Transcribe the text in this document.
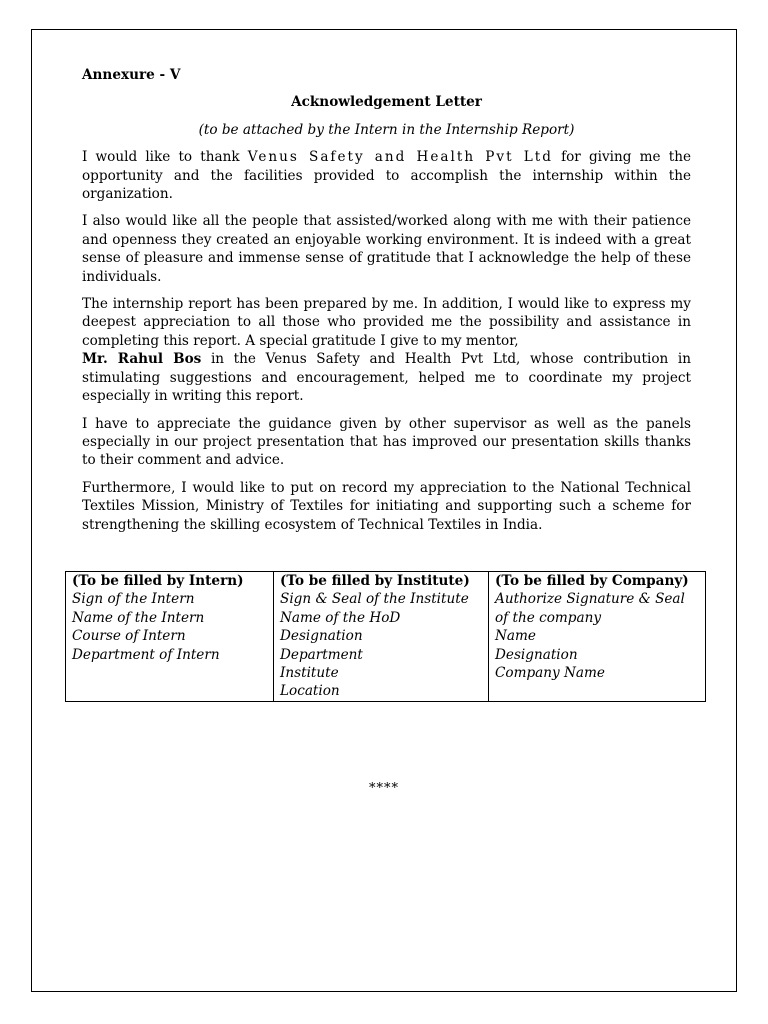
Annexure - V
Acknowledgement Letter
(to be attached by the Intern in the Internship Report)

I would like to thank Venus Safety and Health Pvt Ltd for giving me the opportunity and the facilities provided to accomplish the internship within the organization.

I also would like all the people that assisted/worked along with me with their patience and openness they created an enjoyable working environment. It is indeed with a great sense of pleasure and immense sense of gratitude that I acknowledge the help of these individuals.

The internship report has been prepared by me. In addition, I would like to express my deepest appreciation to all those who provided me the possibility and assistance in completing this report. A special gratitude I give to my mentor,
Mr. Rahul Bos in the Venus Safety and Health Pvt Ltd, whose contribution in stimulating suggestions and encouragement, helped me to coordinate my project especially in writing this report.

I have to appreciate the guidance given by other supervisor as well as the panels especially in our project presentation that has improved our presentation skills thanks to their comment and advice.

Furthermore, I would like to put on record my appreciation to the National Technical Textiles Mission, Ministry of Textiles for initiating and supporting such a scheme for strengthening the skilling ecosystem of Technical Textiles in India.

(To be filled by Intern)
Sign of the Intern
Name of the Intern
Course of Intern
Department of Intern

(To be filled by Institute)
Sign & Seal of the Institute
Name of the HoD
Designation
Department
Institute
Location

(To be filled by Company)
Authorize Signature & Seal of the company
Name
Designation
Company Name
****
